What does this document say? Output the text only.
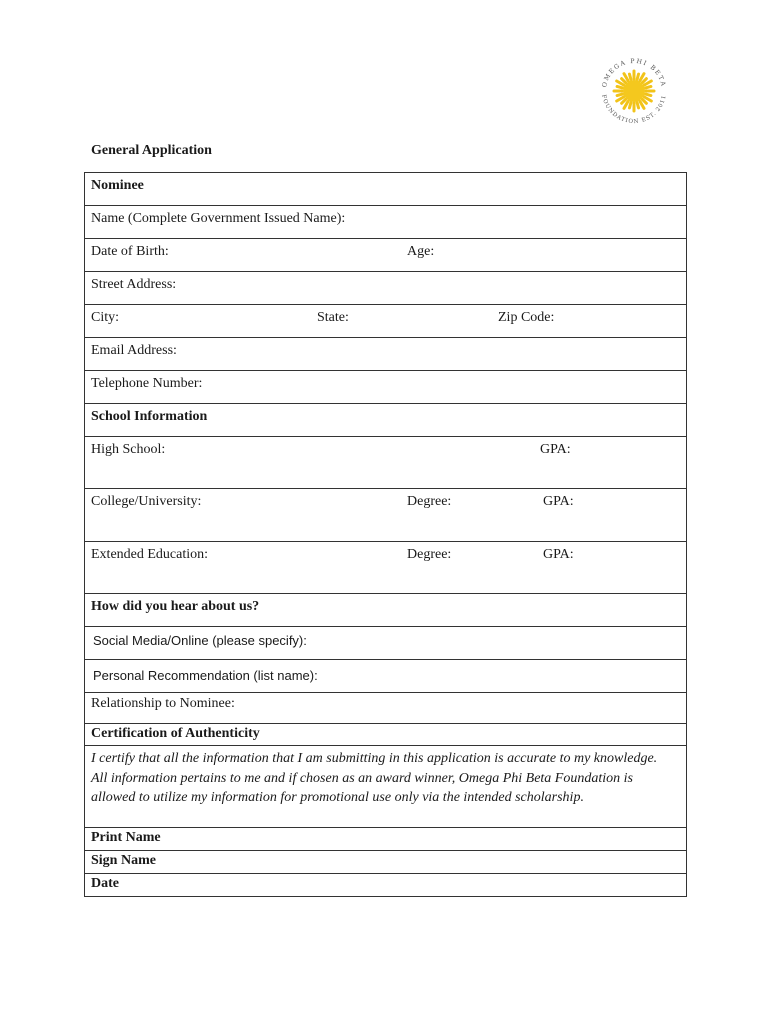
OMEGA PHI BETA
FOUNDATION EST. 2011
General Application
Nominee
Name (Complete Government Issued Name):
Date of Birth:	Age:
Street Address:
City:	State:	Zip Code:
Email Address:
Telephone Number:
School Information
High School:	GPA:
College/University:	Degree:	GPA:
Extended Education:	Degree:	GPA:
How did you hear about us?
Social Media/Online (please specify):
Personal Recommendation (list name):
Relationship to Nominee:
Certification of Authenticity
I certify that all the information that I am submitting in this application is accurate to my knowledge. All information pertains to me and if chosen as an award winner, Omega Phi Beta Foundation is allowed to utilize my information for promotional use only via the intended scholarship.
Print Name
Sign Name
Date
